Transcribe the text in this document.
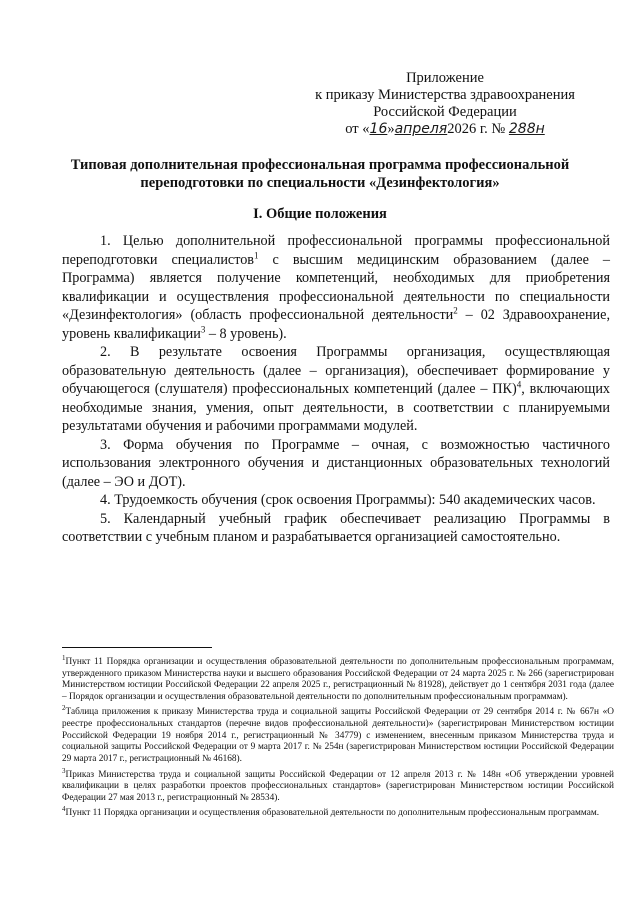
Приложение
к приказу Министерства здравоохранения
Российской Федерации
от «16»апреля2026 г. № 288н
Типовая дополнительная профессиональная программа профессиональной
переподготовки по специальности «Дезинфектология»
I. Общие положения

1. Целью дополнительной профессиональной программы профессиональной переподготовки специалистов$^1$ с высшим медицинским образованием (далее – Программа) является получение компетенций, необходимых для приобретения квалификации и осуществления профессиональной деятельности по специальности «Дезинфектология» (область профессиональной деятельности$^2$ – 02 Здравоохранение, уровень квалификации$^3$ – 8 уровень).

2. В результате освоения Программы организация, осуществляющая образовательную деятельность (далее – организация), обеспечивает формирование у обучающегося (слушателя) профессиональных компетенций (далее – ПК)$^4$, включающих необходимые знания, умения, опыт деятельности, в соответствии с планируемыми результатами обучения и рабочими программами модулей.

3. Форма обучения по Программе – очная, с возможностью частичного использования электронного обучения и дистанционных образовательных технологий (далее – ЭО и ДОТ).

4. Трудоемкость обучения (срок освоения Программы): 540 академических часов.

5. Календарный учебный график обеспечивает реализацию Программы в соответствии с учебным планом и разрабатывается организацией самостоятельно.

$^1$Пункт 11 Порядка организации и осуществления образовательной деятельности по дополнительным профессиональным программам, утвержденного приказом Министерства науки и высшего образования Российской Федерации от 24 марта 2025 г. № 266 (зарегистрирован Министерством юстиции Российской Федерации 22 апреля 2025 г., регистрационный № 81928), действует до 1 сентября 2031 года (далее – Порядок организации и осуществления образовательной деятельности по дополнительным профессиональным программам).

$^2$Таблица приложения к приказу Министерства труда и социальной защиты Российской Федерации от 29 сентября 2014 г. № 667н «О реестре профессиональных стандартов (перечне видов профессиональной деятельности)» (зарегистрирован Министерством юстиции Российской Федерации 19 ноября 2014 г., регистрационный № 34779) с изменением, внесенным приказом Министерства труда и социальной защиты Российской Федерации от 9 марта 2017 г. № 254н (зарегистрирован Министерством юстиции Российской Федерации 29 марта 2017 г., регистрационный № 46168).

$^3$Приказ Министерства труда и социальной защиты Российской Федерации от 12 апреля 2013 г. № 148н «Об утверждении уровней квалификации в целях разработки проектов профессиональных стандартов» (зарегистрирован Министерством юстиции Российской Федерации 27 мая 2013 г., регистрационный № 28534).

$^4$Пункт 11 Порядка организации и осуществления образовательной деятельности по дополнительным профессиональным программам.
